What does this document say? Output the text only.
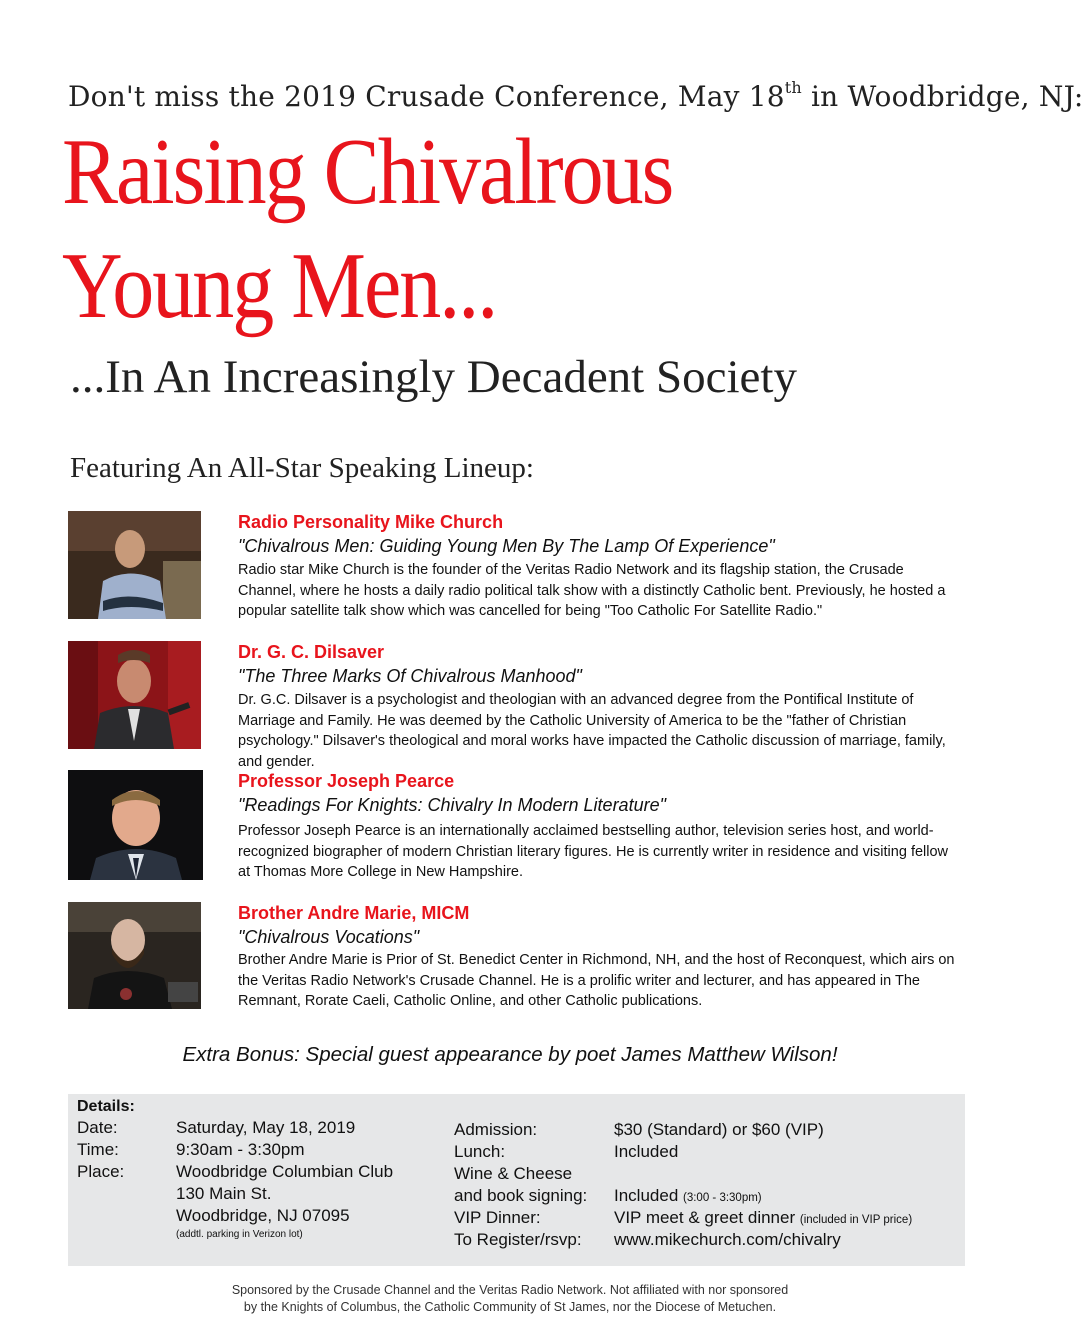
Don't miss the 2019 Crusade Conference, May 18th in Woodbridge, NJ:
Raising Chivalrous
Young Men...
...In An Increasingly Decadent Society
Featuring An All-Star Speaking Lineup:
Radio Personality Mike Church
"Chivalrous Men: Guiding Young Men By The Lamp Of Experience"
Radio star Mike Church is the founder of the Veritas Radio Network and its flagship station, the Crusade Channel, where he hosts a daily radio political talk show with a distinctly Catholic bent. Previously, he hosted a popular satellite talk show which was cancelled for being "Too Catholic For Satellite Radio."
Dr. G. C. Dilsaver
"The Three Marks Of Chivalrous Manhood"
Dr. G.C. Dilsaver is a psychologist and theologian with an advanced degree from the Pontifical Institute of Marriage and Family. He was deemed by the Catholic University of America to be the "father of Christian psychology." Dilsaver's theological and moral works have impacted the Catholic discussion of marriage, family, and gender.
Professor Joseph Pearce
"Readings For Knights: Chivalry In Modern Literature"
Professor Joseph Pearce is an internationally acclaimed bestselling author, television series host, and world-recognized biographer of modern Christian literary figures. He is currently writer in residence and visiting fellow at Thomas More College in New Hampshire.
Brother Andre Marie, MICM
"Chivalrous Vocations"
Brother Andre Marie is Prior of St. Benedict Center in Richmond, NH, and the host of Reconquest, which airs on the Veritas Radio Network's Crusade Channel. He is a prolific writer and lecturer, and has appeared in The Remnant, Rorate Caeli, Catholic Online, and other Catholic publications.
Extra Bonus: Special guest appearance by poet James Matthew Wilson!
Details:
Date:	Saturday, May 18, 2019
Time:	9:30am - 3:30pm
Place:	Woodbridge Columbian Club
130 Main St.
Woodbridge, NJ 07095
(addtl. parking in Verizon lot)
Admission:	$30 (Standard) or $60 (VIP)
Lunch:	Included
Wine & Cheese
and book signing: Included (3:00 - 3:30pm)
VIP Dinner:	VIP meet & greet dinner (included in VIP price)
To Register/rsvp: www.mikechurch.com/chivalry
Sponsored by the Crusade Channel and the Veritas Radio Network. Not affiliated with nor sponsored
by the Knights of Columbus, the Catholic Community of St James, nor the Diocese of Metuchen.
